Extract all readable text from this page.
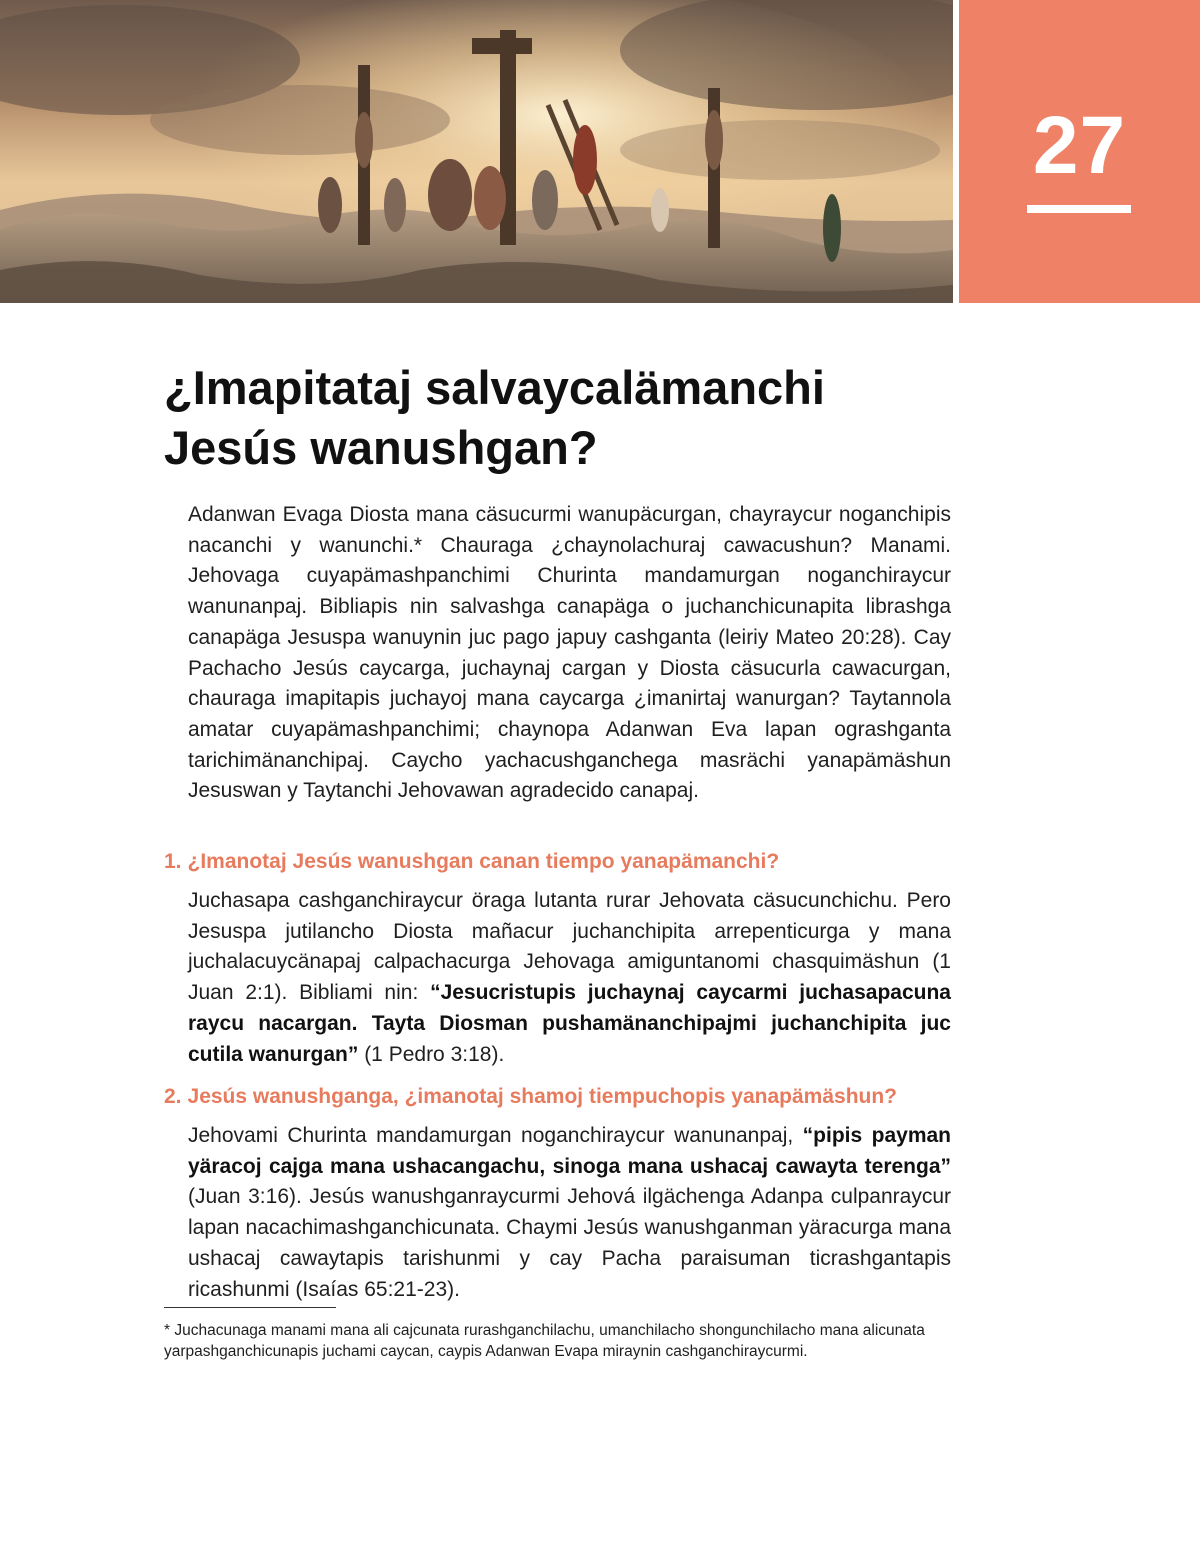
27
¿Imapitataj salvaycalämanchi Jesús wanushgan?

Adanwan Evaga Diosta mana cäsucurmi wanupäcurgan, chayraycur noganchipis nacanchi y wanunchi.* Chauraga ¿chaynolachuraj cawacushun? Manami. Jehovaga cuyapämashpanchimi Churinta mandamurgan noganchiraycur wanunanpaj. Bibliapis nin salvashga canapäga o juchanchicunapita librashga canapäga Jesuspa wanuynin juc pago japuy cashganta (leiriy Mateo 20:28). Cay Pachacho Jesús caycarga, juchaynaj cargan y Diosta cäsucurla cawacurgan, chauraga imapitapis juchayoj mana caycarga ¿imanirtaj wanurgan? Taytannola amatar cuyapämashpanchimi; chaynopa Adanwan Eva lapan ograshganta tarichimänanchipaj. Caycho yachacushganchega masrächi yanapämäshun Jesuswan y Taytanchi Jehovawan agradecido canapaj.

1. ¿Imanotaj Jesús wanushgan canan tiempo yanapämanchi?

Juchasapa cashganchiraycur öraga lutanta rurar Jehovata cäsucunchichu. Pero Jesuspa jutilancho Diosta mañacur juchanchipita arrepenticurga y mana juchalacuycänapaj calpachacurga Jehovaga amiguntanomi chasquimäshun (1 Juan 2:1). Bibliami nin: “Jesucristupis juchaynaj caycarmi juchasapacuna raycu nacargan. Tayta Diosman pushamänanchipajmi juchanchipita juc cutila wanurgan” (1 Pedro 3:18).

2. Jesús wanushganga, ¿imanotaj shamoj tiempuchopis yanapämäshun?

Jehovami Churinta mandamurgan noganchiraycur wanunanpaj, “pipis payman yäracoj cajga mana ushacangachu, sinoga mana ushacaj cawayta terenga” (Juan 3:16). Jesús wanushganraycurmi Jehová ilgächenga Adanpa culpanraycur lapan nacachimashganchicunata. Chaymi Jesús wanushganman yäracurga mana ushacaj cawaytapis tarishunmi y cay Pacha paraisuman ticrashgantapis ricashunmi (Isaías 65:21-23).

* Juchacunaga manami mana ali cajcunata rurashganchilachu, umanchilacho shongunchilacho mana alicunata yarpashganchicunapis juchami caycan, caypis Adanwan Evapa miraynin cashganchiraycurmi.
